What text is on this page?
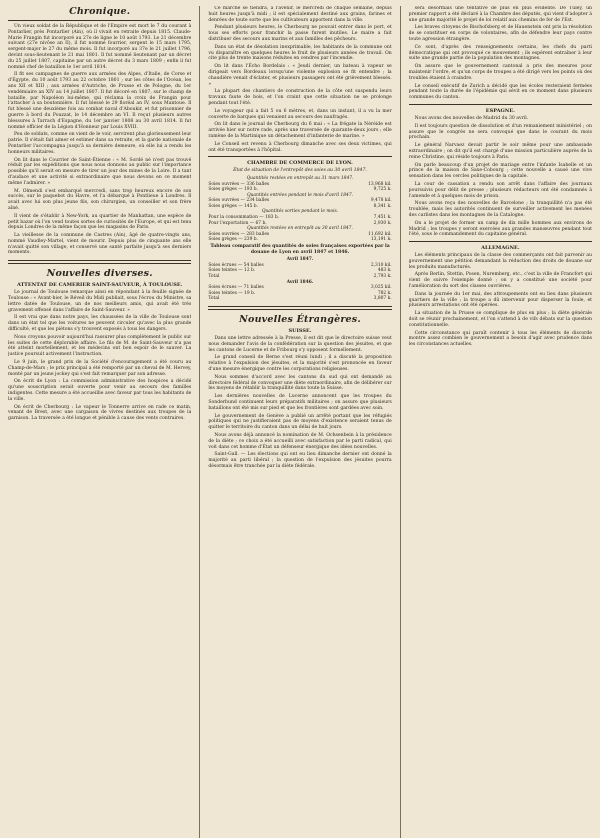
Chronique.

Un vieux soldat de la République et de l'Empire est mort le 7 du courant à Pontarlier, près Pontarlier (Ain), où il vivait en retraite depuis 1815. Claude-Marie Frangin fut incorporé au 27e de ligne le 10 août 1793. Le 21 décembre suivant (27e nivôse an II), il fut nommé fourrier, sergent le 15 mars 1795, sergent-major le 27 du même mois. Il fut incorporé au 37e le 21 juillet 1796, devint sous-lieutenant le 21 mai 1801. Il fut nommé lieutenant par un décret du 25 juillet 1807, capitaine par un autre décret du 3 mars 1809 ; enfin il fut nommé chef de bataillon le 1er avril 1814.

Il fit ses campagnes de guerre aux armées des Alpes, d'Italie, de Corse et d'Égypte, du 10 août 1793 au 22 octobre 1801 ; sur les côtes de l'Océan, les ans XII et XIII ; aux armées d'Autriche, de Prusse et de Pologne, du 1er vendémiaire an XIV au 14 juillet 1807. Il fut décoré en 1807, sur le champ de bataille, par Napoléon lui-même, qui réclama la croix de Frangin pour l'attacher à sa boutonnière. Il fut blessé le 29 floréal an IV, sous Mantoue. Il fut blessé une deuxième fois au combat naval d'Aboukir, et fut prisonnier de guerre à bord du Pouzzat, le 14 décembre an VI. Il reçut plusieurs autres blessures à Tarrach d'Espagne, du 1er janvier 1808 au 30 avril 1814. Il fut nommé officier de la Légion d'Honneur par Louis XVIII.

Peu de soldats, comme on vient de le voir, servirent plus glorieusement leur patrie. Il s'était fait aimer et estimer dans sa retraite, et la garde nationale de Pontarlier l'accompagna jusqu'à sa dernière demeure, où elle lui a rendu les honneurs militaires.

On lit dans le Courrier de Saint-Étienne : « M. Sordé né n'est pas trouvé réduit par les expéditions que nous nous donnons au public sur l'importance possible qu'il serait en mesure de tirer un jour des mines de la Loire. Il a tant d'audace et une activité si extraordinaire que nous devons en ce moment même l'admirer. »

M. Olmendi s'est embarqué mercredi, sans trop heureux encore de son succès, sur le paquebot du Havre, et l'a débarqué à Pontlieue à Londres. Il avait avec lui son plus jeune fils, son chirurgien, un conseiller et son frère aîné.

Il vient de s'établir à New-York, au quartier de Manhattan, une espèce de petit bazar où l'on vend toutes sortes de curiosités de l'Europe, et qui est tenu depuis Londres de la même façon que les magasins de Paris.

La vieillesse de la commune de Castres (Ain), âgé de quatre-vingts ans, nommé Vaudley-Martel, vient de mourir. Depuis plus de cinquante ans elle n'avait quitté son village, et conservé une santé parfaite jusqu'à ses derniers moments.

Nouvelles diverses.
ATTENTAT DE CAMERIER SAINT-SAUVEUR, À TOULOUSE.

Le journal de Toulouse remarque ainsi en répondant à la feuille signée de Toulouse : « Avant-hier, le Réveil du Midi publiait, sous l'écrou du Ministre, sa lettre datée de Toulouse, un de nos meilleurs amis, qui avait été très gravement offensé dans l'affaire de Saint-Sauveur. »

Il est vrai que dans notre pays, les chaussées de la ville de Toulouse sont dans un état tel que les voitures ne peuvent circuler qu'avec la plus grande difficulté, et que les piétons s'y trouvent exposés à tous les dangers.

Nous croyons pouvoir aujourd'hui rassurer plus complètement le public sur les suites de cette déplorable affaire. Le fils de M. de Saint-Sauveur n'a pas été atteint mortellement, et les médecins ont bon espoir de le sauver. La justice poursuit activement l'instruction.

Le 9 juin, le grand prix de la Société d'encouragement a été couru au Champ-de-Mars ; le prix principal a été remporté par un cheval de M. Hervey, monté par un jeune jockey qui s'est fait remarquer par son adresse.

On écrit de Lyon : La commission administrative des hospices a décidé qu'une souscription serait ouverte pour venir au secours des familles indigentes. Cette mesure a été accueillie avec faveur par tous les habitants de la ville.

On écrit de Cherbourg : Le vapeur le Tonnerre arrive en rade ce matin, venant de Brest, avec une cargaison de vivres destinés aux troupes de la garnison. La traversée a été longue et pénible à cause des vents contraires.

Ce marché se tiendra, à l'avenir, le mercredi de chaque semaine, depuis huit heures jusqu'à midi ; il est spécialement destiné aux grains, farines et denrées de toute sorte que les cultivateurs apportent dans la ville.

Pendant plusieurs heures, le Cherbourg ne pouvait entrer dans le port, et tous ses efforts pour franchir la passe furent inutiles. Le maire a fait distribuer des secours aux marins et aux familles des pêcheurs.

Dans un état de désolation inexprimable, les habitants de la commune ont vu disparaître en quelques heures le fruit de plusieurs années de travail. On cite plus de trente maisons réduites en cendres par l'incendie.

On lit dans l'Écho Bordelais : « Jeudi dernier, un bateau à vapeur se dirigeait vers Bordeaux lorsqu'une violente explosion se fit entendre ; la chaudière venait d'éclater, et plusieurs passagers ont été grièvement blessés. »

La plupart des chantiers de construction de la côte ont suspendu leurs travaux faute de bois, et l'on craint que cette situation ne se prolonge pendant tout l'été.

Le voyageur qui a fait 5 ou 6 mètres, et, dans un instant, il a vu la mer couverte de barques qui venaient au secours des naufragés.

On lit dans le journal de Cherbourg du 6 mai : « La frégate la Néréide est arrivée hier sur notre rade, après une traversée de quarante-deux jours ; elle ramène de la Martinique un détachement d'infanterie de marine. »

Le Conseil est revenu à Cherbourg dimanche avec ses deux victimes, qui ont été transportées à l'hôpital.

CHAMBRE DE COMMERCE DE LYON.
État de situation de l'entrepôt des soies au 30 avril 1847.
Quantités restées en entrepôt au 31 mars 1847.
Soies ouvrées — 336 balles	13,968 kil.
Soies grèges — 193 b.	9,725 k.
Quantités entrées pendant le mois d'avril 1847.
Soies ouvrées — 234 balles	9,478 kil.
Soies grèges — 145 b.	8,341 k.
Quantités sorties pendant le mois.
Pour la consommation — 183 b.	7,451 k.
Pour l'exportation — 67 b.	2,930 k.
Quantités restées en entrepôt au 30 avril 1847.
Soies ouvrées — 283 balles	11,692 kil.
Soies grèges — 239 b.	13,191 k.
Tableau comparatif des quantités de soies françaises exportées par la douane de Lyon en avril 1847 et 1846.
Avril 1847.
Soies écrues — 54 balles	2,310 kil.
Soies teintes — 12 b.	483 k.
Total	2,793 k.
Avril 1846.
Soies écrues — 71 balles	3,025 kil.
Soies teintes — 19 b.	782 k.
Total	3,807 k.
Nouvelles Étrangères.
SUISSE.

Dans une lettre adressée à la Presse, il est dit que le directoire suisse veut nous demander l'avis de la confédération sur la question des jésuites, et que les cantons de Lucerne et de Fribourg s'y opposent formellement.

Le grand conseil de Berne s'est réuni lundi ; il a discuté la proposition relative à l'expulsion des jésuites, et la majorité s'est prononcée en faveur d'une mesure énergique contre les corporations religieuses.

Nous sommes d'accord avec les cantons du sud qui ont demandé au directoire fédéral de convoquer une diète extraordinaire, afin de délibérer sur les moyens de rétablir la tranquillité dans toute la Suisse.

Les dernières nouvelles de Lucerne annoncent que les troupes du Sonderbund continuent leurs préparatifs militaires ; on assure que plusieurs bataillons ont été mis sur pied et que les frontières sont gardées avec soin.

Le gouvernement de Genève a publié un arrêté portant que les réfugiés politiques qui ne justifieraient pas de moyens d'existence seraient tenus de quitter le territoire du canton dans un délai de huit jours.

Nous avons déjà annoncé la nomination de M. Ochsenbein à la présidence de la diète ; ce choix a été accueilli avec satisfaction par le parti radical, qui voit dans cet homme d'État un défenseur énergique des idées nouvelles.

Saint-Gall. — Les élections qui ont eu lieu dimanche dernier ont donné la majorité au parti libéral ; la question de l'expulsion des jésuites pourra désormais être tranchée par la diète fédérale.

sera désormais une tentative de plus en plus évidente. De Tuley, un premier rapport a été déclaré à la Chambre des députés, qui vient d'adopter à une grande majorité le projet de loi relatif aux chemins de fer de l'Est.

Les braves citoyens de Bischofsberg et de Hauenstein ont pris la résolution de se constituer en corps de volontaires, afin de défendre leur pays contre toute agression étrangère.

Ce sont, d'après des renseignements certains, les chefs du parti démocratique qui ont provoqué ce mouvement ; ils espèrent entraîner à leur suite une grande partie de la population des montagnes.

On assure que le gouvernement cantonal a pris des mesures pour maintenir l'ordre, et qu'un corps de troupes a été dirigé vers les points où des troubles étaient à craindre.

Le conseil exécutif de Zurich a décidé que les écoles resteraient fermées pendant toute la durée de l'épidémie qui sévit en ce moment dans plusieurs communes du canton.

ESPAGNE.

Nous avons des nouvelles de Madrid du 30 avril.

Il est toujours question de dissolution et d'un remaniement ministériel ; on assure que le congrès ne sera convoqué que dans le courant du mois prochain.

Le général Narvaez devait partir le soir même pour une ambassade extraordinaire ; on dit qu'il est chargé d'une mission particulière auprès de la reine Christine, qui réside toujours à Paris.

On parle beaucoup d'un projet de mariage entre l'infante Isabelle et un prince de la maison de Saxe-Cobourg ; cette nouvelle a causé une vive sensation dans les cercles politiques de la capitale.

La cour de cassation a rendu son arrêt dans l'affaire des journaux poursuivis pour délit de presse ; plusieurs rédacteurs ont été condamnés à l'amende et à quelques mois de prison.

Nous avons reçu des nouvelles de Barcelone ; la tranquillité n'a pas été troublée, mais les autorités continuent de surveiller activement les menées des carlistes dans les montagnes de la Catalogne.

On a le projet de former un camp de dix mille hommes aux environs de Madrid ; les troupes y seront exercées aux grandes manœuvres pendant tout l'été, sous le commandement du capitaine général.

ALLEMAGNE.

Les éléments principaux de la classe des commerçants ont fait parvenir au gouvernement une pétition demandant la réduction des droits de douane sur les produits manufacturés.

Après Berlin, Stettin, Posen, Nuremberg, etc., c'est la ville de Francfort qui vient de suivre l'exemple donné ; on y a constitué une société pour l'amélioration du sort des classes ouvrières.

Dans la journée du 1er mai, des attroupements ont eu lieu dans plusieurs quartiers de la ville ; la troupe a dû intervenir pour disperser la foule, et plusieurs arrestations ont été opérées.

La situation de la Prusse se complique de plus en plus ; la diète générale doit se réunir prochainement, et l'on s'attend à de vifs débats sur la question constitutionnelle.

Cette circonstance qui paraît contenir à tous les éléments de discorde montre assez combien le gouvernement a besoin d'agir avec prudence dans les circonstances actuelles.
